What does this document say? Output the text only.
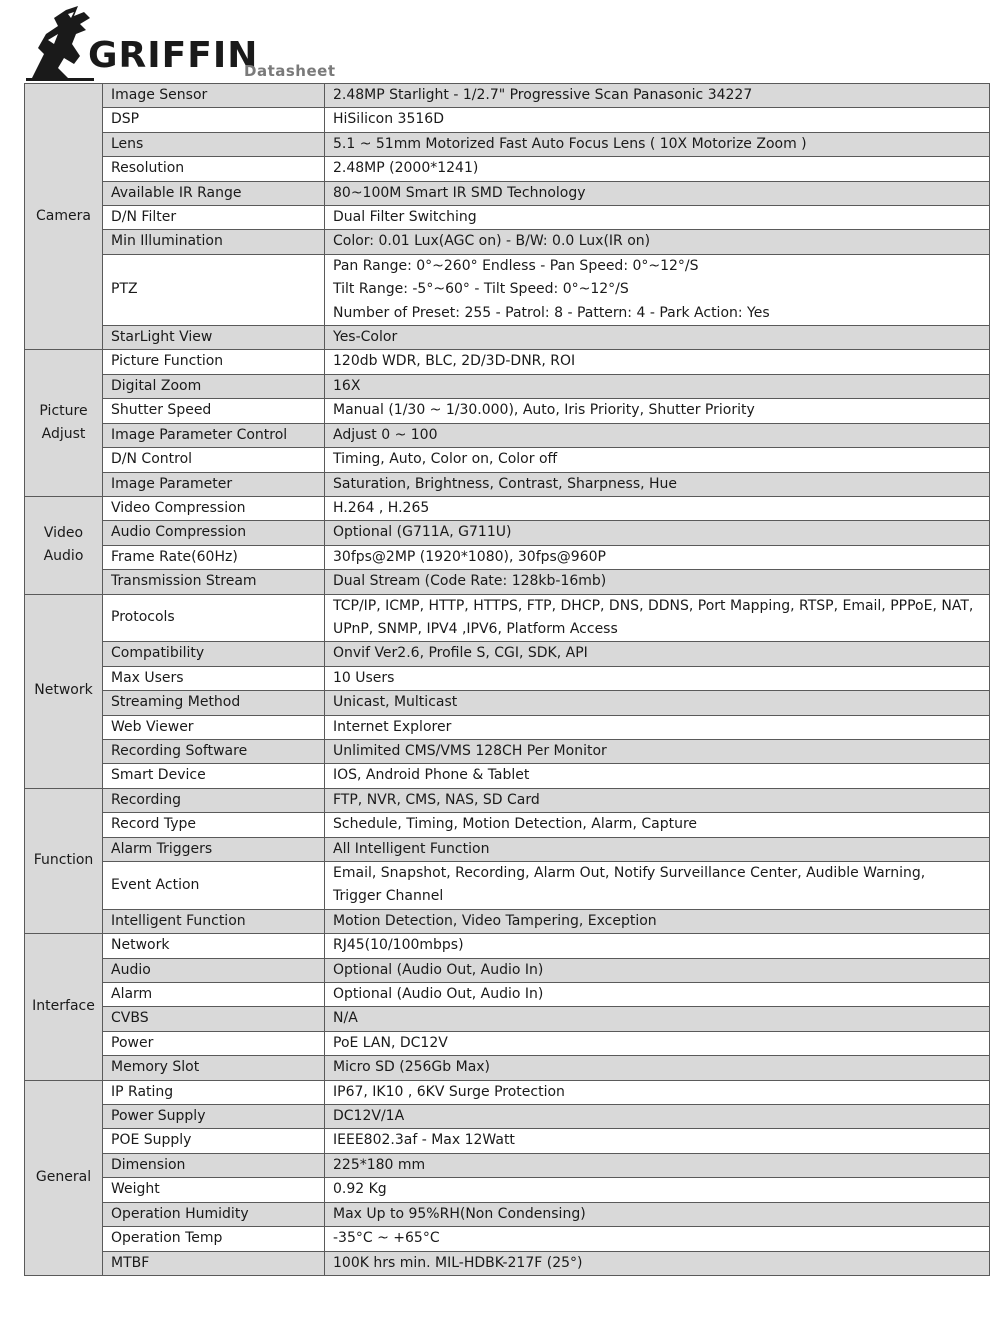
GRIFFIN
Datasheet
Camera	Image Sensor	2.48MP Starlight - 1/2.7" Progressive Scan Panasonic 34227

	DSP	HiSilicon 3516D

	Lens	5.1 ~ 51mm Motorized Fast Auto Focus Lens ( 10X Motorize Zoom )

	Resolution	2.48MP (2000*1241)

	Available IR Range	80~100M Smart IR SMD Technology

	D/N Filter	Dual Filter Switching

	Min Illumination	Color: 0.01 Lux(AGC on) - B/W: 0.0 Lux(IR on)

	PTZ	Pan Range: 0°~260° Endless - Pan Speed: 0°~12°/S
Tilt Range: -5°~60° - Tilt Speed: 0°~12°/S
Number of Preset: 255 - Patrol: 8 - Pattern: 4 - Park Action: Yes

	StarLight View	Yes-Color

Picture
Adjust	Picture Function	120db WDR, BLC, 2D/3D-DNR, ROI

	Digital Zoom	16X

	Shutter Speed	Manual (1/30 ~ 1/30.000), Auto, Iris Priority, Shutter Priority

	Image Parameter Control	Adjust 0 ~ 100

	D/N Control	Timing, Auto, Color on, Color off

	Image Parameter	Saturation, Brightness, Contrast, Sharpness, Hue

Video
Audio	Video Compression	H.264 , H.265

	Audio Compression	Optional (G711A, G711U)

	Frame Rate(60Hz)	30fps@2MP (1920*1080), 30fps@960P

	Transmission Stream	Dual Stream (Code Rate: 128kb-16mb)

Network	Protocols	TCP/IP, ICMP, HTTP, HTTPS, FTP, DHCP, DNS, DDNS, Port Mapping, RTSP, Email, PPPoE, NAT,
UPnP, SNMP, IPV4 ,IPV6, Platform Access

	Compatibility	Onvif Ver2.6, Profile S, CGI, SDK, API

	Max Users	10 Users

	Streaming Method	Unicast, Multicast

	Web Viewer	Internet Explorer

	Recording Software	Unlimited CMS/VMS 128CH Per Monitor

	Smart Device	IOS, Android Phone & Tablet

Function	Recording	FTP, NVR, CMS, NAS, SD Card

	Record Type	Schedule, Timing, Motion Detection, Alarm, Capture

	Alarm Triggers	All Intelligent Function

	Event Action	Email, Snapshot, Recording, Alarm Out, Notify Surveillance Center, Audible Warning,
Trigger Channel

	Intelligent Function	Motion Detection, Video Tampering, Exception

Interface	Network	RJ45(10/100mbps)

	Audio	Optional (Audio Out, Audio In)

	Alarm	Optional (Audio Out, Audio In)

	CVBS	N/A

	Power	PoE LAN, DC12V

	Memory Slot	Micro SD (256Gb Max)

General	IP Rating	IP67, IK10 , 6KV Surge Protection

	Power Supply	DC12V/1A

	POE Supply	IEEE802.3af - Max 12Watt

	Dimension	225*180 mm

	Weight	0.92 Kg

	Operation Humidity	Max Up to 95%RH(Non Condensing)

	Operation Temp	-35°C ~ +65°C

	MTBF	100K hrs min. MIL-HDBK-217F (25°)
